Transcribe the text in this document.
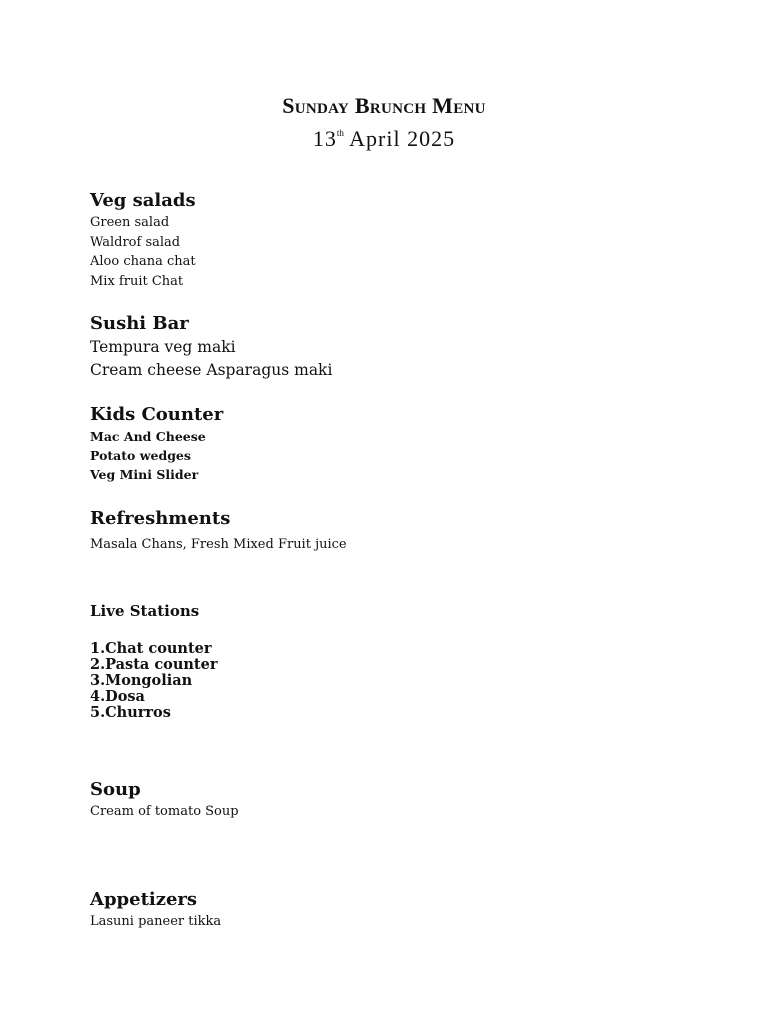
Sunday Brunch Menu
13th April 2025
Veg salads
Green salad
Waldrof salad
Aloo chana chat
Mix fruit Chat
Sushi Bar
Tempura veg maki
Cream cheese Asparagus maki
Kids Counter
Mac And Cheese
Potato wedges
Veg Mini Slider
Refreshments
Masala Chans, Fresh Mixed Fruit juice
Live Stations
1.Chat counter
2.Pasta counter
3.Mongolian
4.Dosa
5.Churros
Soup
Cream of tomato Soup
Appetizers
Lasuni paneer tikka
